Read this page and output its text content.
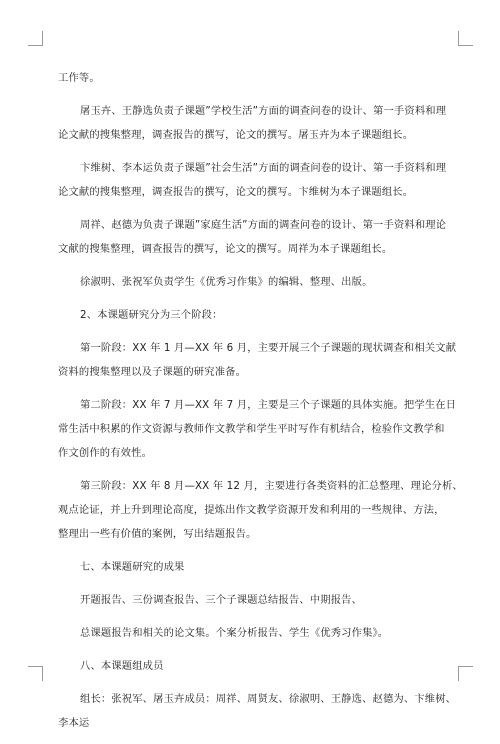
工作等。

屠玉卉、王静选负责子课题”学校生活”方面的调查问卷的设计、第一手资料和理
论文献的搜集整理，调查报告的撰写，论文的撰写。屠玉卉为本子课题组长。

卞维树、李本运负责子课题”社会生活”方面的调查问卷的设计、第一手资料和理
论文献的搜集整理，调查报告的撰写，论文的撰写。卞维树为本子课题组长。

周祥、赵德为负责子课题”家庭生活”方面的调查问卷的设计、第一手资料和理论
文献的搜集整理，调查报告的撰写，论文的撰写。周祥为本子课题组长。

徐淑明、张祝军负责学生《优秀习作集》的编辑、整理、出版。

2、本课题研究分为三个阶段：

第一阶段：XX 年 1 月—XX 年 6 月，主要开展三个子课题的现状调查和相关文献
资料的搜集整理以及子课题的研究准备。

第二阶段：XX 年 7 月—XX 年 7 月，主要是三个子课题的具体实施。把学生在日
常生活中积累的作文资源与教师作文教学和学生平时写作有机结合，检验作文教学和
作文创作的有效性。

第三阶段：XX 年 8 月—XX 年 12 月，主要进行各类资料的汇总整理、理论分析、
观点论证，并上升到理论高度，提炼出作文教学资源开发和利用的一些规律、方法，
整理出一些有价值的案例，写出结题报告。

七、本课题研究的成果

开题报告、三份调查报告、三个子课题总结报告、中期报告、

总课题报告和相关的论文集。个案分析报告、学生《优秀习作集》。

八、本课题组成员

组长：张祝军、屠玉卉成员：周祥、周贤友、徐淑明、王静选、赵德为、卞维树、
李本运
